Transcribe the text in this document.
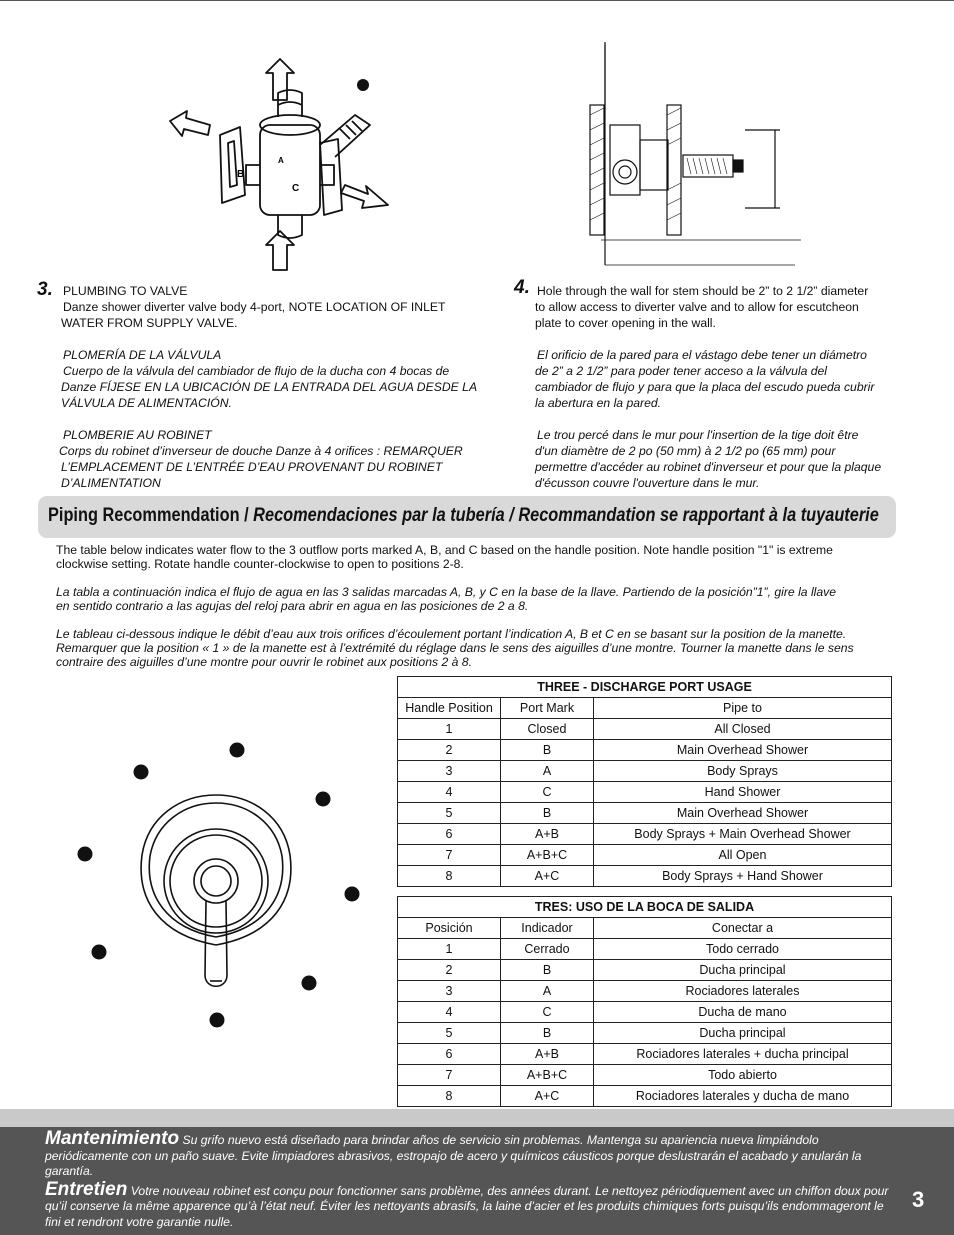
A
B
C
3. PLUMBING TO VALVE

Danze shower diverter valve body 4-port, NOTE LOCATION OF INLET

WATER FROM SUPPLY VALVE.

PLOMERÍA DE LA VÁLVULA

Cuerpo de la válvula del cambiador de flujo de la ducha con 4 bocas de

Danze FÍJESE EN LA UBICACIÓN DE LA ENTRADA DEL AGUA DESDE LA

VÁLVULA DE ALIMENTACIÓN.

PLOMBERIE AU ROBINET

Corps du robinet d’inverseur de douche Danze à 4 orifices : REMARQUER

L’EMPLACEMENT DE L’ENTRÉE D’EAU PROVENANT DU ROBINET

D’ALIMENTATION

4. Hole through the wall for stem should be 2” to 2 1/2” diameter

to allow access to diverter valve and to allow for escutcheon

plate to cover opening in the wall.

El orificio de la pared para el vástago debe tener un diámetro

de 2” a 2 1/2” para poder tener acceso a la válvula del

cambiador de flujo y para que la placa del escudo pueda cubrir

la abertura en la pared.

Le trou percé dans le mur pour l'insertion de la tige doit être

d'un diamètre de 2 po (50 mm) à 2 1/2 po (65 mm) pour

permettre d'accéder au robinet d'inverseur et pour que la plaque

d'écusson couvre l'ouverture dans le mur.

Piping Recommendation / Recomendaciones par la tubería / Recommandation se rapportant à la tuyauterie

The table below indicates water flow to the 3 outflow ports marked A, B, and C based on the handle position. Note handle position "1" is extreme
clockwise setting. Rotate handle counter-clockwise to open to positions 2-8.

La tabla a continuación indica el flujo de agua en las 3 salidas marcadas A, B, y C en la base de la llave. Partiendo de la posición”1”, gire la llave
en sentido contrario a las agujas del reloj para abrir en agua en las posiciones de 2 a 8.

Le tableau ci-dessous indique le débit d’eau aux trois orifices d’écoulement portant l’indication A, B et C en se basant sur la position de la manette.
Remarquer que la position « 1 » de la manette est à l’extrémité du réglage dans le sens des aiguilles d’une montre. Tourner la manette dans le sens
contraire des aiguilles d’une montre pour ouvrir le robinet aux positions 2 à 8.

THREE - DISCHARGE PORT USAGE		
Handle Position	Port Mark	Pipe to
1	Closed	All Closed
2	B	Main Overhead Shower
3	A	Body Sprays
4	C	Hand Shower
5	B	Main Overhead Shower
6	A+B	Body Sprays + Main Overhead Shower
7	A+B+C	All Open
8	A+C	Body Sprays + Hand Shower
TRES: USO DE LA BOCA DE SALIDA		
Posición	Indicador	Conectar a
1	Cerrado	Todo cerrado
2	B	Ducha principal
3	A	Rociadores laterales
4	C	Ducha de mano
5	B	Ducha principal
6	A+B	Rociadores laterales + ducha principal
7	A+B+C	Todo abierto
8	A+C	Rociadores laterales y ducha de mano
Mantenimiento Su grifo nuevo está diseñado para brindar años de servicio sin problemas. Mantenga su apariencia nueva limpiándolo periódicamente con un paño suave. Evite limpiadores abrasivos, estropajo de acero y químicos cáusticos porque deslustrarán el acabado y anularán la garantía.
Entretien Votre nouveau robinet est conçu pour fonctionner sans problème, des années durant. Le nettoyez périodiquement avec un chiffon doux pour qu’il conserve la même apparence qu’à l’état neuf. Éviter les nettoyants abrasifs, la laine d’acier et les produits chimiques forts puisqu’ils endommageront le fini et rendront votre garantie nulle.
3
